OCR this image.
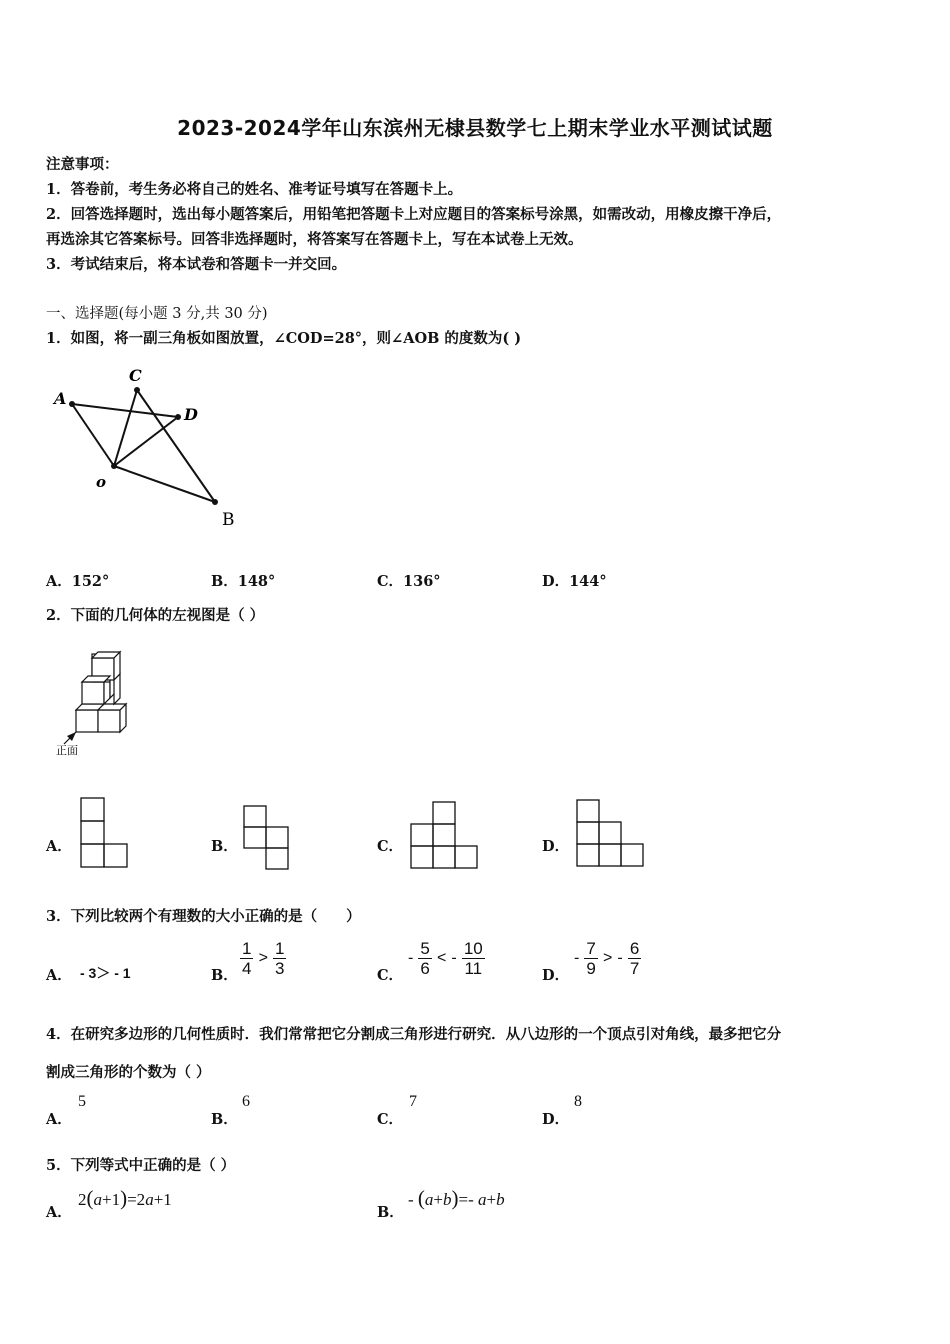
2023-2024学年山东滨州无棣县数学七上期末学业水平测试试题
注意事项：
1．答卷前，考生务必将自己的姓名、准考证号填写在答题卡上。
2．回答选择题时，选出每小题答案后，用铅笔把答题卡上对应题目的答案标号涂黑，如需改动，用橡皮擦干净后，
再选涂其它答案标号。回答非选择题时，将答案写在答题卡上，写在本试卷上无效。
3．考试结束后，将本试卷和答题卡一并交回。
一、选择题(每小题 3 分,共 30 分)
1．如图，将一副三角板如图放置，∠COD=28°，则∠AOB 的度数为( )
A
C
D
o
B
A．152°	B．148°	C．136°	D．144°
2．下面的几何体的左视图是（ ）
正面
A．	B．	C．	D．
3．下列比较两个有理数的大小正确的是（　　）
A． - 3＞ - 1	B． $\frac{1}{4} > \frac{1}{3}$	C．
- $\frac{5}{6}$ < - $\frac{10}{11}$	D．
- $\frac{7}{9}$ > - $\frac{6}{7}$
4．在研究多边形的几何性质时．我们常常把它分割成三角形进行研究．从八边形的一个顶点引对角线，最多把它分
割成三角形的个数为（ ）
A．
5
B．
6
C．
7
D．
8
5．下列等式中正确的是（ ）
A．
2(a+1)=2a+1
B．
- (a+b)=- a+b
